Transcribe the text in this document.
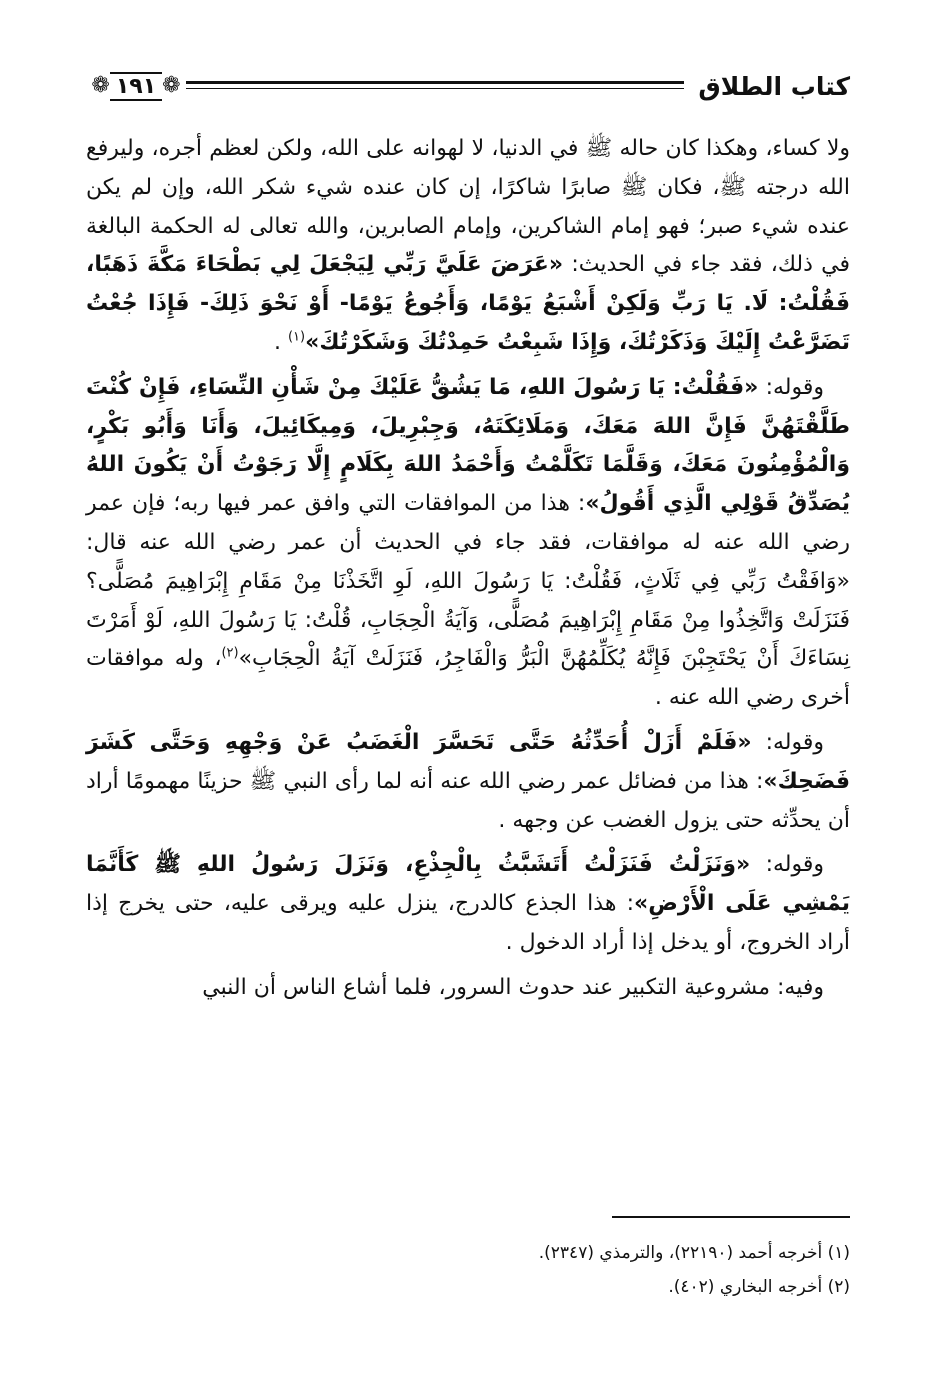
كتاب الطلاق
❁
١٩١
❁

ولا كساء، وهكذا كان حاله ﷺ في الدنيا، لا لهوانه على الله، ولكن لعظم أجره، وليرفع الله درجته ﷺ، فكان ﷺ صابرًا شاكرًا، إن كان عنده شيء شكر الله، وإن لم يكن عنده شيء صبر؛ فهو إمام الشاكرين، وإمام الصابرين، والله تعالى له الحكمة البالغة في ذلك، فقد جاء في الحديث: «عَرَضَ عَلَيَّ رَبِّي لِيَجْعَلَ لِي بَطْحَاءَ مَكَّةَ ذَهَبًا، فَقُلْتُ: لَا. يَا رَبِّ وَلَكِنْ أَشْبَعُ يَوْمًا، وَأَجُوعُ يَوْمًا- أَوْ نَحْوَ ذَلِكَ- فَإِذَا جُعْتُ تَضَرَّعْتُ إِلَيْكَ وَذَكَرْتُكَ، وَإِذَا شَبِعْتُ حَمِدْتُكَ وَشَكَرْتُكَ»$^{(١)}$ .

وقوله: «فَقُلْتُ: يَا رَسُولَ اللهِ، مَا يَشُقُّ عَلَيْكَ مِنْ شَأْنِ النِّسَاءِ، فَإِنْ كُنْتَ طَلَّقْتَهُنَّ فَإِنَّ اللهَ مَعَكَ، وَمَلَائِكَتَهُ، وَجِبْرِيلَ، وَمِيكَائِيلَ، وَأَنَا وَأَبُو بَكْرٍ، وَالْمُؤْمِنُونَ مَعَكَ، وَقَلَّمَا تَكَلَّمْتُ وَأَحْمَدُ اللهَ بِكَلَامٍ إِلَّا رَجَوْتُ أَنْ يَكُونَ اللهُ يُصَدِّقُ قَوْلِي الَّذِي أَقُولُ»: هذا من الموافقات التي وافق عمر فيها ربه؛ فإن عمر رضي الله عنه له موافقات، فقد جاء في الحديث أن عمر رضي الله عنه قال: «وَافَقْتُ رَبِّي فِي ثَلَاثٍ، فَقُلْتُ: يَا رَسُولَ اللهِ، لَوِ اتَّخَذْنَا مِنْ مَقَامِ إِبْرَاهِيمَ مُصَلًّى؟ فَنَزَلَتْ وَاتَّخِذُوا مِنْ مَقَامِ إِبْرَاهِيمَ مُصَلًّى، وَآيَةُ الْحِجَابِ، قُلْتُ: يَا رَسُولَ اللهِ، لَوْ أَمَرْتَ نِسَاءَكَ أَنْ يَحْتَجِبْنَ فَإِنَّهُ يُكَلِّمُهُنَّ الْبَرُّ وَالْفَاجِرُ، فَنَزَلَتْ آيَةُ الْحِجَابِ»$^{(٢)}$، وله موافقات أخرى رضي الله عنه .

وقوله: «فَلَمْ أَزَلْ أُحَدِّثُهُ حَتَّى تَحَسَّرَ الْغَضَبُ عَنْ وَجْهِهِ وَحَتَّى كَشَرَ فَضَحِكَ»: هذا من فضائل عمر رضي الله عنه أنه لما رأى النبي ﷺ حزينًا مهمومًا أراد أن يحدِّثه حتى يزول الغضب عن وجهه .

وقوله: «وَنَزَلْتُ فَنَزَلْتُ أَتَشَبَّثُ بِالْجِذْعِ، وَنَزَلَ رَسُولُ اللهِ ﷺ كَأَنَّمَا يَمْشِي عَلَى الْأَرْضِ»: هذا الجذع كالدرج، ينزل عليه ويرقى عليه، حتى يخرج إذا أراد الخروج، أو يدخل إذا أراد الدخول .

وفيه: مشروعية التكبير عند حدوث السرور، فلما أشاع الناس أن النبي

(١) أخرجه أحمد (٢٢١٩٠)، والترمذي (٢٣٤٧).
(٢) أخرجه البخاري (٤٠٢).
